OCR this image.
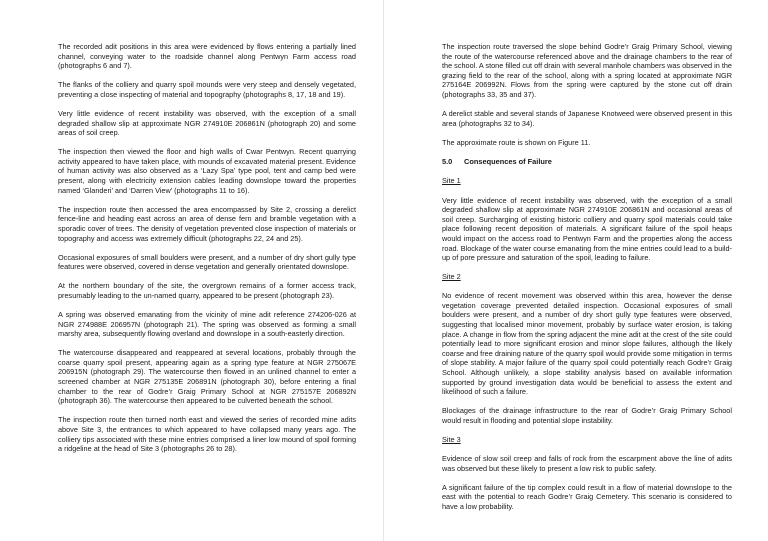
The recorded adit positions in this area were evidenced by flows entering a partially lined channel, conveying water to the roadside channel along Pentwyn Farm access road (photographs 6 and 7).

The flanks of the colliery and quarry spoil mounds were very steep and densely vegetated, preventing a close inspecting of material and topography (photographs 8, 17, 18 and 19).

Very little evidence of recent instability was observed, with the exception of a small degraded shallow slip at approximate NGR 274910E 206861N (photograph 20) and some areas of soil creep.

The inspection then viewed the floor and high walls of Cwar Pentwyn. Recent quarrying activity appeared to have taken place, with mounds of excavated material present. Evidence of human activity was also observed as a ‘Lazy Spa’ type pool, tent and camp bed were present, along with electricity extension cables leading downslope toward the properties named ‘Glanderi’ and ‘Darren View’ (photographs 11 to 16).

The inspection route then accessed the area encompassed by Site 2, crossing a derelict fence-line and heading east across an area of dense fern and bramble vegetation with a sporadic cover of trees. The density of vegetation prevented close inspection of materials or topography and access was extremely difficult (photographs 22, 24 and 25).

Occasional exposures of small boulders were present, and a number of dry short gully type features were observed, covered in dense vegetation and generally orientated downslope.

At the northern boundary of the site, the overgrown remains of a former access track, presumably leading to the un-named quarry, appeared to be present (photograph 23).

A spring was observed emanating from the vicinity of mine adit reference 274206-026 at NGR 274988E 206957N (photograph 21). The spring was observed as forming a small marshy area, subsequently flowing overland and downslope in a south-easterly direction.

The watercourse disappeared and reappeared at several locations, probably through the coarse quarry spoil present, appearing again as a spring type feature at NGR 275067E 206915N (photograph 29). The watercourse then flowed in an unlined channel to enter a screened chamber at NGR 275135E 206891N (photograph 30), before entering a final chamber to the rear of Godre’r Graig Primary School at NGR 275157E 206892N (photograph 36). The watercourse then appeared to be culverted beneath the school.

The inspection route then turned north east and viewed the series of recorded mine adits above Site 3, the entrances to which appeared to have collapsed many years ago. The colliery tips associated with these mine entries comprised a liner low mound of spoil forming a ridgeline at the head of Site 3 (photographs 26 to 28).

The inspection route traversed the slope behind Godre’r Graig Primary School, viewing the route of the watercourse referenced above and the drainage chambers to the rear of the school. A stone filled cut off drain with several manhole chambers was observed in the grazing field to the rear of the school, along with a spring located at approximate NGR 275164E 206992N. Flows from the spring were captured by the stone cut off drain (photographs 33, 35 and 37).

A derelict stable and several stands of Japanese Knotweed were observed present in this area (photographs 32 to 34).

The approximate route is shown on Figure 11.

5.0 Consequences of Failure
Site 1

Very little evidence of recent instability was observed, with the exception of a small degraded shallow slip at approximate NGR 274910E 206861N and occasional areas of soil creep. Surcharging of existing historic colliery and quarry spoil materials could take place following recent deposition of materials. A significant failure of the spoil heaps would impact on the access road to Pentwyn Farm and the properties along the access road. Blockage of the water course emanating from the mine entries could lead to a build-up of pore pressure and saturation of the spoil, leading to failure.

Site 2

No evidence of recent movement was observed within this area, however the dense vegetation coverage prevented detailed inspection. Occasional exposures of small boulders were present, and a number of dry short gully type features were observed, suggesting that localised minor movement, probably by surface water erosion, is taking place. A change in flow from the spring adjacent the mine adit at the crest of the site could potentially lead to more significant erosion and minor slope failures, although the likely coarse and free draining nature of the quarry spoil would provide some mitigation in terms of slope stability. A major failure of the quarry spoil could potentially reach Godre’r Graig School. Although unlikely, a slope stability analysis based on available information supported by ground investigation data would be beneficial to assess the extent and likelihood of such a failure.

Blockages of the drainage infrastructure to the rear of Godre’r Graig Primary School would result in flooding and potential slope instability.

Site 3

Evidence of slow soil creep and falls of rock from the escarpment above the line of adits was observed but these likely to present a low risk to public safety.

A significant failure of the tip complex could result in a flow of material downslope to the east with the potential to reach Godre’r Graig Cemetery. This scenario is considered to have a low probability.
